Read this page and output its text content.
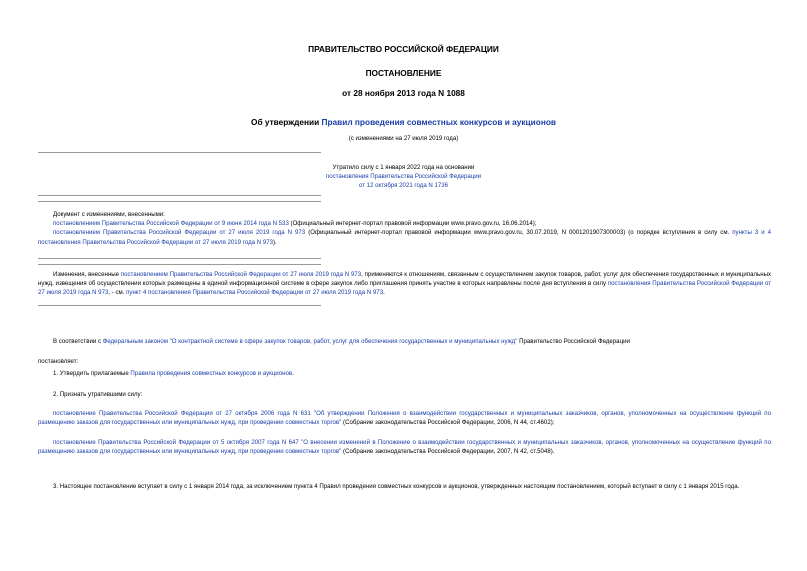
ПРАВИТЕЛЬСТВО РОССИЙСКОЙ ФЕДЕРАЦИИ
ПОСТАНОВЛЕНИЕ
от 28 ноября 2013 года N 1088
Об утверждении Правил проведения совместных конкурсов и аукционов
(с изменениями на 27 июля 2019 года)
Утратило силу с 1 января 2022 года на основании
постановления Правительства Российской Федерации
от 12 октября 2021 года N 1736
Документ с изменениями, внесенными:
постановлением Правительства Российской Федерации от 9 июня 2014 года N 533 (Официальный интернет-портал правовой информации www.pravo.gov.ru, 16.06.2014);
постановлением Правительства Российской Федерации от 27 июля 2019 года N 973 (Официальный интернет-портал правовой информации www.pravo.gov.ru, 30.07.2019, N 0001201907300003) (о порядке вступления в силу см. пункты 3 и 4 постановления Правительства Российской Федерации от 27 июля 2019 года N 973).
Изменения, внесенные постановлением Правительства Российской Федерации от 27 июля 2019 года N 973, применяются к отношениям, связанным с осуществлением закупок товаров, работ, услуг для обеспечения государственных и муниципальных нужд, извещения об осуществлении которых размещены в единой информационной системе в сфере закупок либо приглашения принять участие в которых направлены после дня вступления в силу постановления Правительства Российской Федерации от 27 июля 2019 года N 973, - см. пункт 4 постановления Правительства Российской Федерации от 27 июля 2019 года N 973.
В соответствии с Федеральным законом "О контрактной системе в сфере закупок товаров, работ, услуг для обеспечения государственных и муниципальных нужд" Правительство Российской Федерации
постановляет:
1. Утвердить прилагаемые Правила проведения совместных конкурсов и аукционов.
2. Признать утратившими силу:
постановление Правительства Российской Федерации от 27 октября 2006 года N 631 "Об утверждении Положения о взаимодействии государственных и муниципальных заказчиков, органов, уполномоченных на осуществление функций по размещению заказов для государственных или муниципальных нужд, при проведении совместных торгов" (Собрание законодательства Российской Федерации, 2006, N 44, ст.4602);
постановление Правительства Российской Федерации от 5 октября 2007 года N 647 "О внесении изменений в Положение о взаимодействии государственных и муниципальных заказчиков, органов, уполномоченных на осуществление функций по размещению заказов для государственных или муниципальных нужд, при проведении совместных торгов" (Собрание законодательства Российской Федерации, 2007, N 42, ст.5048).
3. Настоящее постановление вступает в силу с 1 января 2014 года, за исключением пункта 4 Правил проведения совместных конкурсов и аукционов, утвержденных настоящим постановлением, который вступает в силу с 1 января 2015 года.
